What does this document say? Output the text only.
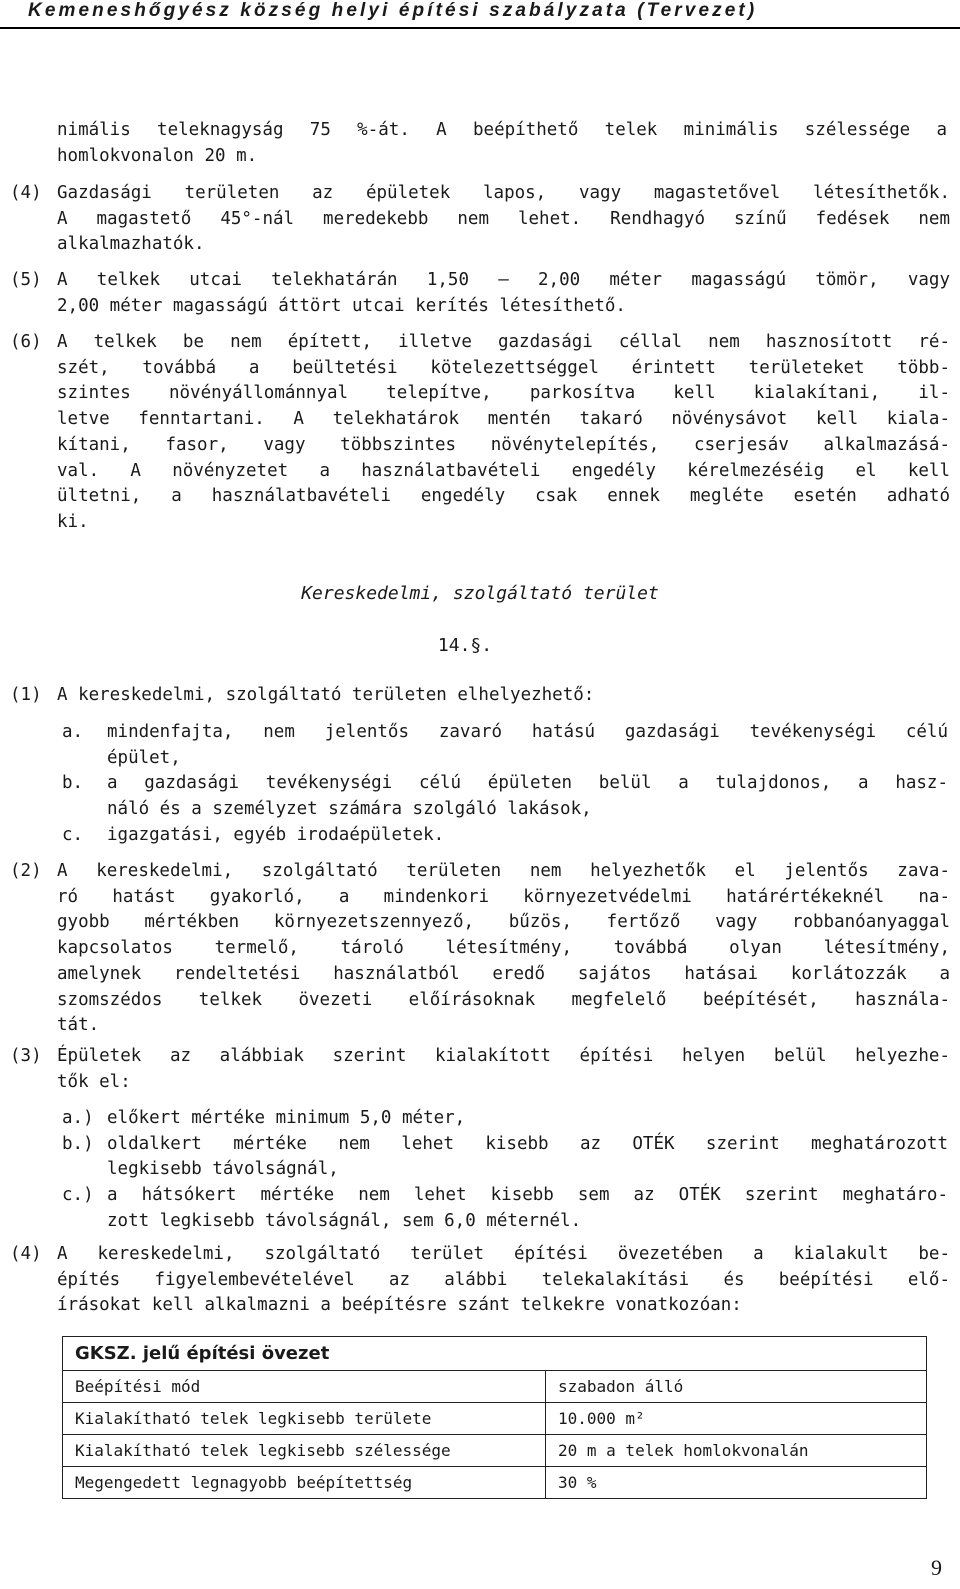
Kemeneshőgyész község helyi építési szabályzata (Tervezet)
nimális teleknagyság 75 %-át. A beépíthető telek minimális szélessége a
homlokvonalon 20 m.
(4) Gazdasági területen az épületek lapos, vagy magastetővel létesíthetők.
A magastető 45°-nál meredekebb nem lehet. Rendhagyó színű fedések nem
alkalmazhatók.
(5) A telkek utcai telekhatárán 1,50 – 2,00 méter magasságú tömör, vagy
2,00 méter magasságú áttört utcai kerítés létesíthető.
(6) A telkek be nem épített, illetve gazdasági céllal nem hasznosított ré-
szét, továbbá a beültetési kötelezettséggel érintett területeket több-
szintes növényállománnyal telepítve, parkosítva kell kialakítani, il-
letve fenntartani. A telekhatárok mentén takaró növénysávot kell kiala-
kítani, fasor, vagy többszintes növénytelepítés, cserjesáv alkalmazásá-
val. A növényzetet a használatbavételi engedély kérelmezéséig el kell
ültetni, a használatbavételi engedély csak ennek megléte esetén adható
ki.
Kereskedelmi, szolgáltató terület
14.§.
(1) A kereskedelmi, szolgáltató területen elhelyezhető:
a. mindenfajta, nem jelentős zavaró hatású gazdasági tevékenységi célú
épület,
b. a gazdasági tevékenységi célú épületen belül a tulajdonos, a hasz-
náló és a személyzet számára szolgáló lakások,
c. igazgatási, egyéb irodaépületek.
(2) A kereskedelmi, szolgáltató területen nem helyezhetők el jelentős zava-
ró hatást gyakorló, a mindenkori környezetvédelmi határértékeknél na-
gyobb mértékben környezetszennyező, bűzös, fertőző vagy robbanóanyaggal
kapcsolatos termelő, tároló létesítmény, továbbá olyan létesítmény,
amelynek rendeltetési használatból eredő sajátos hatásai korlátozzák a
szomszédos telkek övezeti előírásoknak megfelelő beépítését, használa-
tát.
(3) Épületek az alábbiak szerint kialakított építési helyen belül helyezhe-
tők el:
a.) előkert mértéke minimum 5,0 méter,
b.) oldalkert mértéke nem lehet kisebb az OTÉK szerint meghatározott
legkisebb távolságnál,
c.) a hátsókert mértéke nem lehet kisebb sem az OTÉK szerint meghatáro-
zott legkisebb távolságnál, sem 6,0 méternél.
(4) A kereskedelmi, szolgáltató terület építési övezetében a kialakult be-
építés figyelembevételével az alábbi telekalakítási és beépítési elő-
írásokat kell alkalmazni a beépítésre szánt telkekre vonatkozóan:
GKSZ. jelű építési övezet	
Beépítési mód	szabadon álló
Kialakítható telek legkisebb területe	10.000 m²
Kialakítható telek legkisebb szélessége	20 m a telek homlokvonalán
Megengedett legnagyobb beépítettség	30 %
9
